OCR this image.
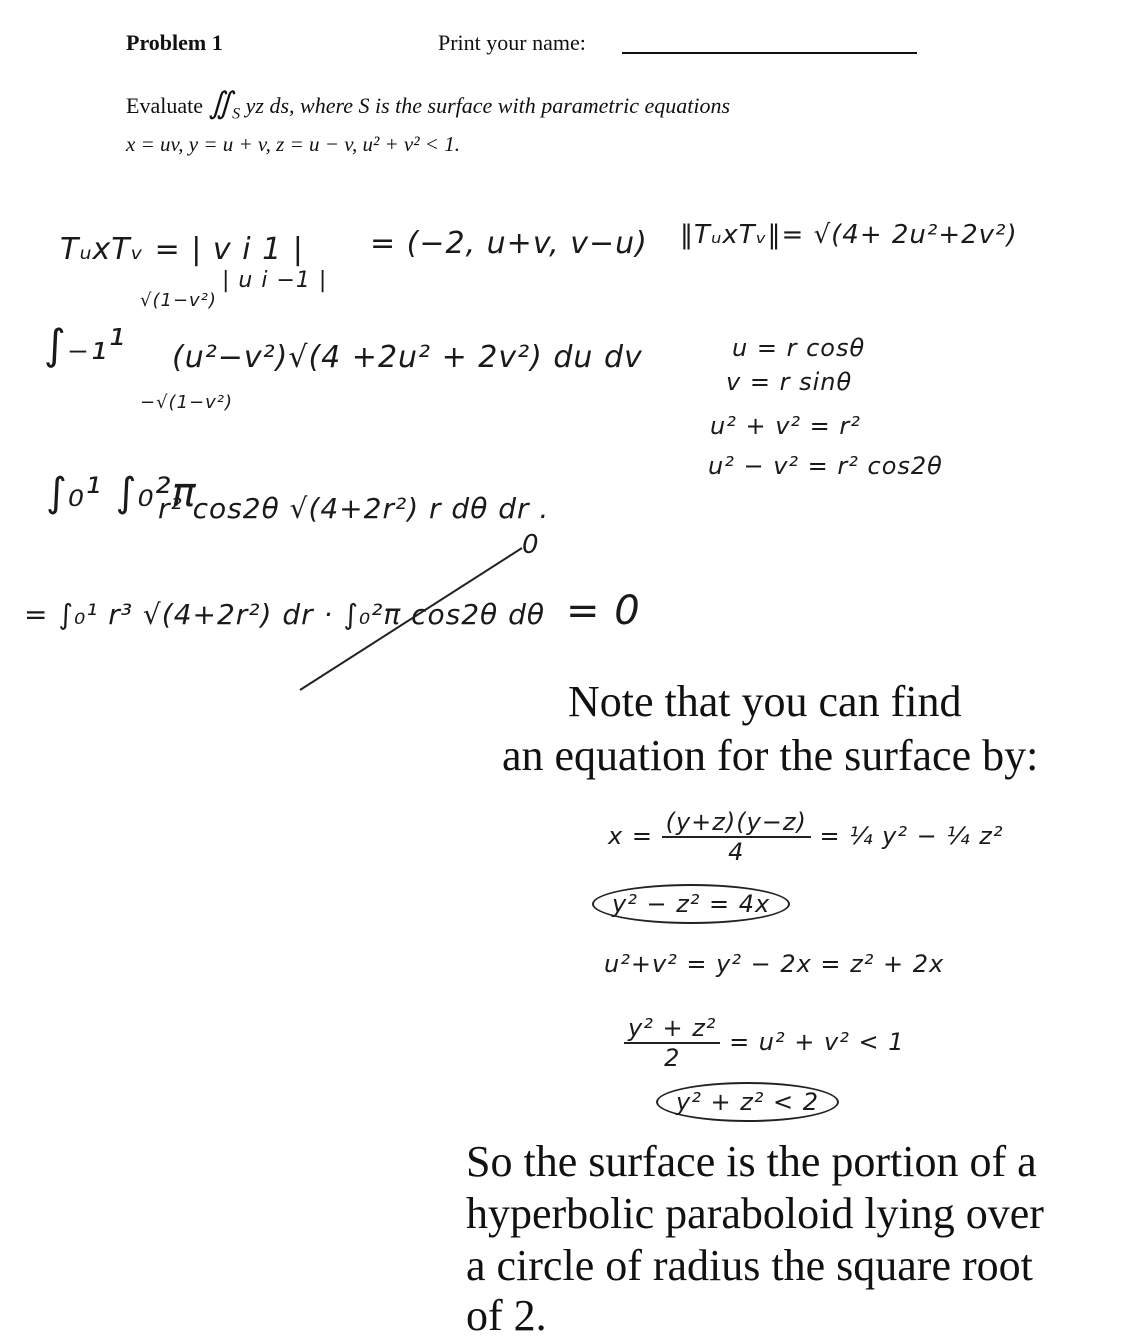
Problem 1	Print your name:
Evaluate $∬_S$ yz ds, where S is the surface with parametric equations
x = uv, y = u + v, z = u − v, u² + v² < 1.
TᵤxTᵥ = | v i 1 |
| u i −1 |
= (−2, u+v, v−u) ‖TᵤxTᵥ‖= √(4+ 2u²+2v²)
∫₋₁¹
√(1−v²)
−√(1−v²)
(u²−v²)√(4 +2u² + 2v²) du dv	u = r cosθ
v = r sinθ
u² + v² = r²
u² − v² = r² cos2θ
∫₀¹ ∫₀²π
r² cos2θ √(4+2r²) r dθ dr .
= ∫₀¹ r³ √(4+2r²) dr · ∫₀²π cos2θ dθ
0
= 0
Note that you can find
an equation for the surface by:
$x = \frac{(y+z)(y-z)}{4}$ = ¼ y² − ¼ z²
y² − z² = 4x
u²+v² = y² − 2x = z² + 2x
$\frac{\text{y² + z²}}{2} = u^2 + v^2 < 1$
y² + z² < 2
So the surface is the portion of a
hyperbolic paraboloid lying over
a circle of radius the square root
of 2.
